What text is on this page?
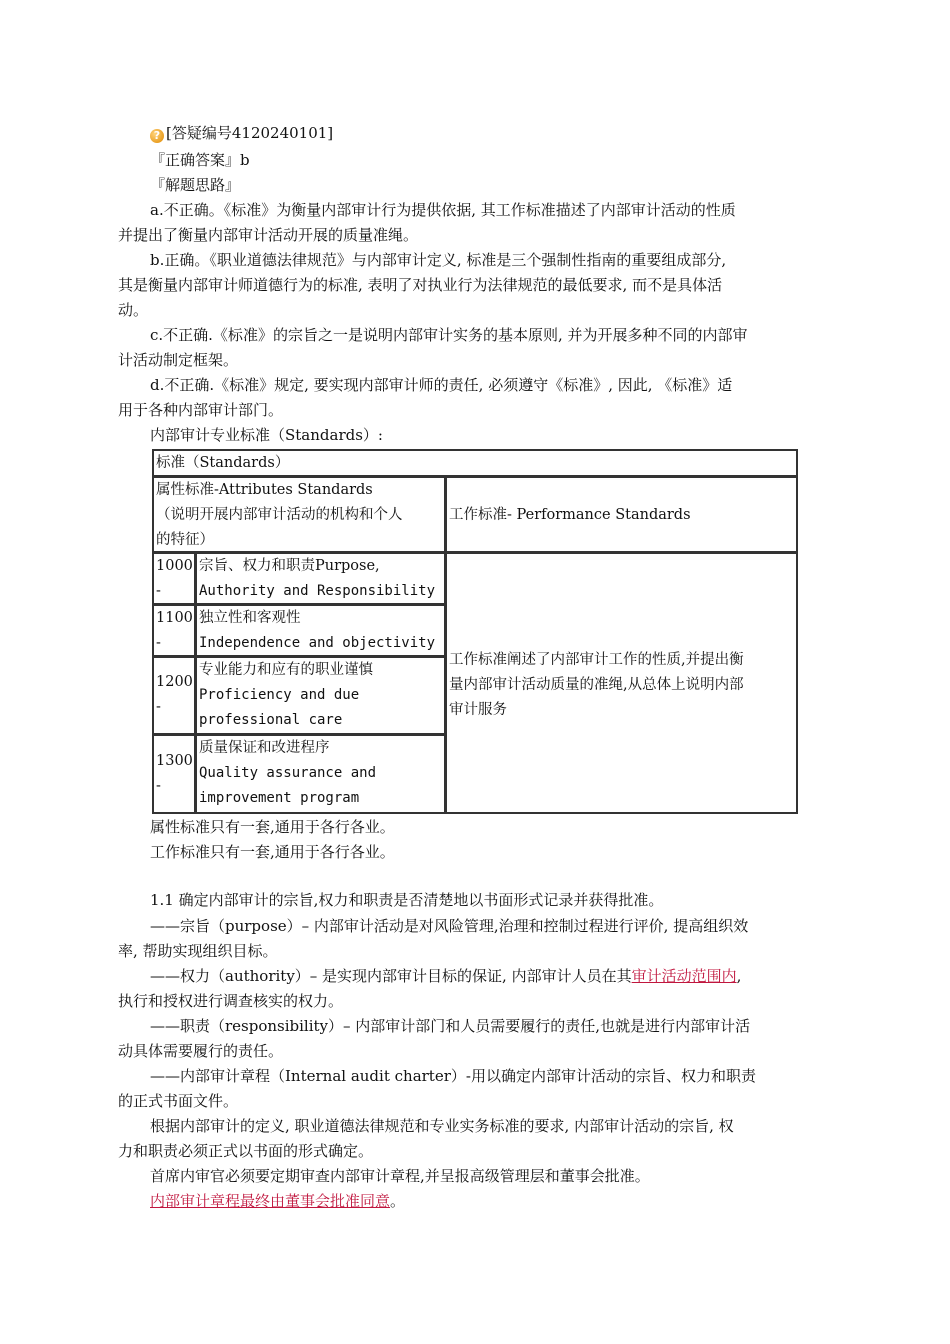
? [答疑编号4120240101]
『正确答案』b
『解题思路』
a.不正确。《标准》为衡量内部审计行为提供依据, 其工作标准描述了内部审计活动的性质
并提出了衡量内部审计活动开展的质量准绳。
b.正确。《职业道德法律规范》与内部审计定义, 标准是三个强制性指南的重要组成部分,
其是衡量内部审计师道德行为的标准, 表明了对执业行为法律规范的最低要求, 而不是具体活
动。
c.不正确.《标准》的宗旨之一是说明内部审计实务的基本原则, 并为开展多种不同的内部审
计活动制定框架。
d.不正确.《标准》规定, 要实现内部审计师的责任, 必须遵守《标准》, 因此, 《标准》适
用于各种内部审计部门。
内部审计专业标准（Standards）:
标准（Standards）
属性标准-Attributes Standards
（说明开展内部审计活动的机构和个人
的特征）
工作标准- Performance Standards
1000
-
宗旨、权力和职责Purpose,
Authority and Responsibility
1100
-
独立性和客观性
Independence and objectivity
1200
-
专业能力和应有的职业谨慎
Proficiency and due
professional care
1300
-
质量保证和改进程序
Quality assurance and
improvement program
工作标准阐述了内部审计工作的性质,并提出衡
量内部审计活动质量的准绳,从总体上说明内部
审计服务
属性标准只有一套,通用于各行各业。
工作标准只有一套,通用于各行各业。
1.1 确定内部审计的宗旨,权力和职责是否清楚地以书面形式记录并获得批准。
——宗旨（purpose）– 内部审计活动是对风险管理,治理和控制过程进行评价, 提高组织效
率, 帮助实现组织目标。
——权力（authority）– 是实现内部审计目标的保证, 内部审计人员在其审计活动范围内,
执行和授权进行调查核实的权力。
——职责（responsibility）– 内部审计部门和人员需要履行的责任,也就是进行内部审计活
动具体需要履行的责任。
——内部审计章程（Internal audit charter）-用以确定内部审计活动的宗旨、权力和职责
的正式书面文件。
根据内部审计的定义, 职业道德法律规范和专业实务标准的要求, 内部审计活动的宗旨, 权
力和职责必须正式以书面的形式确定。
首席内审官必须要定期审查内部审计章程,并呈报高级管理层和董事会批准。
内部审计章程最终由董事会批准同意。
